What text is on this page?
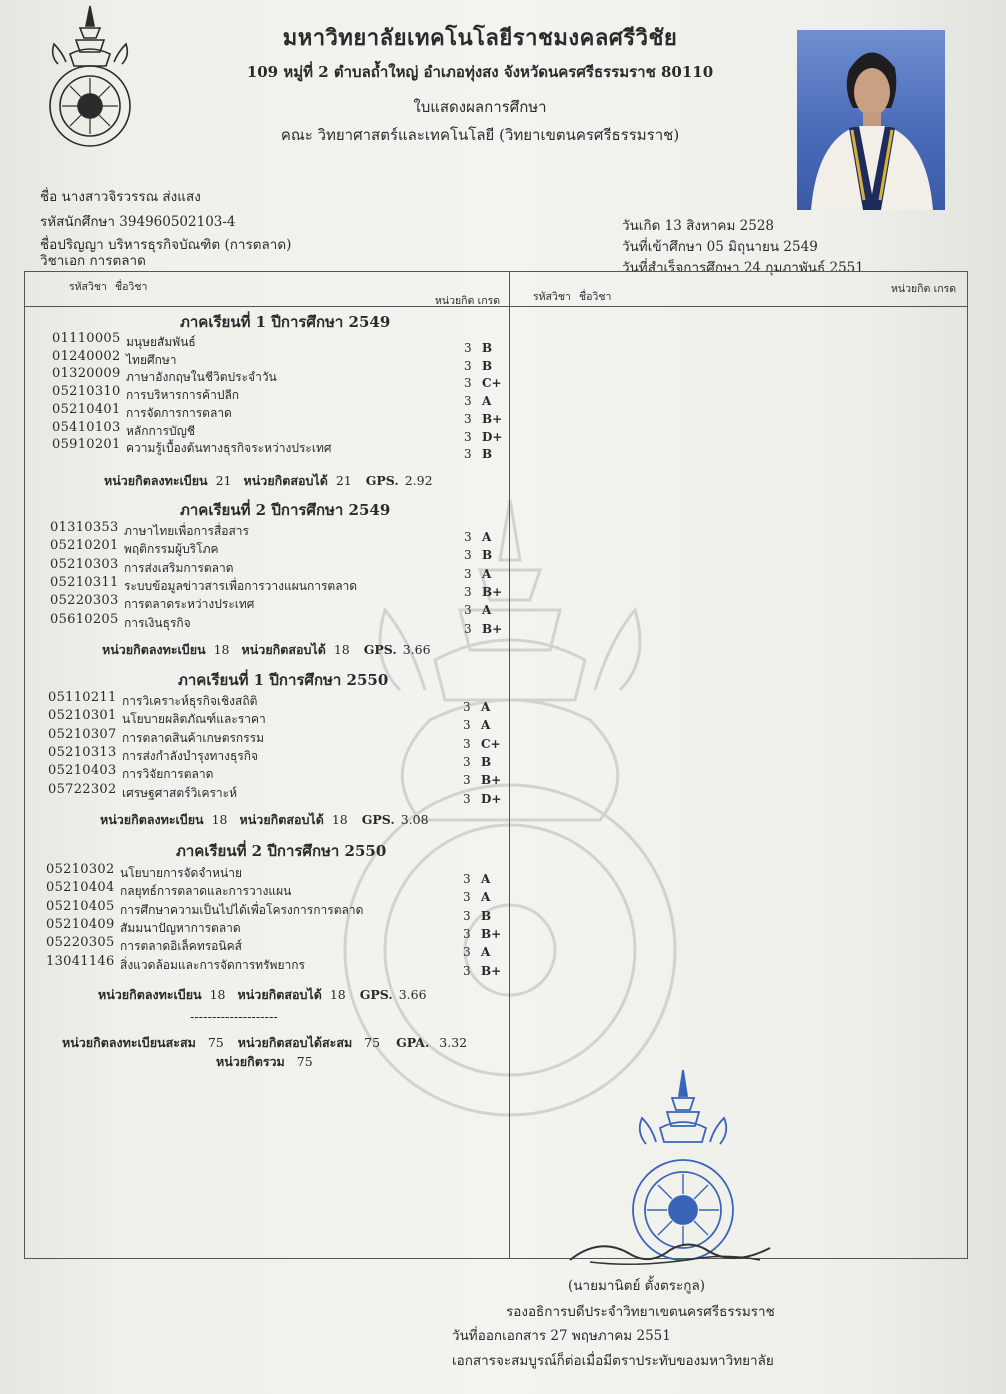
มหาวิทยาลัยเทคโนโลยีราชมงคลศรีวิชัย
109 หมู่ที่ 2 ตำบลถ้ำใหญ่ อำเภอทุ่งสง จังหวัดนครศรีธรรมราช 80110
ใบแสดงผลการศึกษา
คณะ วิทยาศาสตร์และเทคโนโลยี (วิทยาเขตนครศรีธรรมราช)
ชื่อ นางสาวจิรวรรณ ส่งแสง
รหัสนักศึกษา 394960502103-4
ชื่อปริญญา บริหารธุรกิจบัณฑิต (การตลาด)
วิชาเอก การตลาด
วันเกิด 13 สิงหาคม 2528
วันที่เข้าศึกษา 05 มิถุนายน 2549
วันที่สำเร็จการศึกษา 24 กุมภาพันธ์ 2551
รหัสวิชา ชื่อวิชา
หน่วยกิต เกรด	รหัสวิชา ชื่อวิชา
หน่วยกิต เกรด
ภาคเรียนที่ 1 ปีการศึกษา 2549
01110005 มนุษยสัมพันธ์	3 B
01240002 ไทยศึกษา	3 B
01320009 ภาษาอังกฤษในชีวิตประจำวัน	3 C+
05210310 การบริหารการค้าปลีก	3 A
05210401 การจัดการการตลาด	3 B+
05410103 หลักการบัญชี	3 D+
05910201 ความรู้เบื้องต้นทางธุรกิจระหว่างประเทศ	3 B
หน่วยกิตลงทะเบียน 21 หน่วยกิตสอบได้ 21 GPS. 2.92
ภาคเรียนที่ 2 ปีการศึกษา 2549
01310353 ภาษาไทยเพื่อการสื่อสาร	3 A
05210201 พฤติกรรมผู้บริโภค	3 B
05210303 การส่งเสริมการตลาด	3 A
05210311 ระบบข้อมูลข่าวสารเพื่อการวางแผนการตลาด	3 B+
05220303 การตลาดระหว่างประเทศ	3 A
05610205 การเงินธุรกิจ	3 B+
หน่วยกิตลงทะเบียน 18 หน่วยกิตสอบได้ 18 GPS. 3.66
ภาคเรียนที่ 1 ปีการศึกษา 2550
05110211 การวิเคราะห์ธุรกิจเชิงสถิติ	3 A
05210301 นโยบายผลิตภัณฑ์และราคา	3 A
05210307 การตลาดสินค้าเกษตรกรรม	3 C+
05210313 การส่งกำลังบำรุงทางธุรกิจ	3 B
05210403 การวิจัยการตลาด	3 B+
05722302 เศรษฐศาสตร์วิเคราะห์	3 D+
หน่วยกิตลงทะเบียน 18 หน่วยกิตสอบได้ 18 GPS. 3.08
ภาคเรียนที่ 2 ปีการศึกษา 2550
05210302 นโยบายการจัดจำหน่าย	3 A
05210404 กลยุทธ์การตลาดและการวางแผน	3 A
05210405 การศึกษาความเป็นไปได้เพื่อโครงการการตลาด	3 B
05210409 สัมมนาปัญหาการตลาด	3 B+
05220305 การตลาดอิเล็คทรอนิคส์	3 A
13041146 สิ่งแวดล้อมและการจัดการทรัพยากร	3 B+
หน่วยกิตลงทะเบียน 18 หน่วยกิตสอบได้ 18 GPS. 3.66
--------------------
หน่วยกิตลงทะเบียนสะสม 75 หน่วยกิตสอบได้สะสม 75 GPA. 3.32
หน่วยกิตรวม 75
(นายมานิตย์ ตั้งตระกูล)
รองอธิการบดีประจำวิทยาเขตนครศรีธรรมราช
วันที่ออกเอกสาร 27 พฤษภาคม 2551
เอกสารจะสมบูรณ์ก็ต่อเมื่อมีตราประทับของมหาวิทยาลัย
